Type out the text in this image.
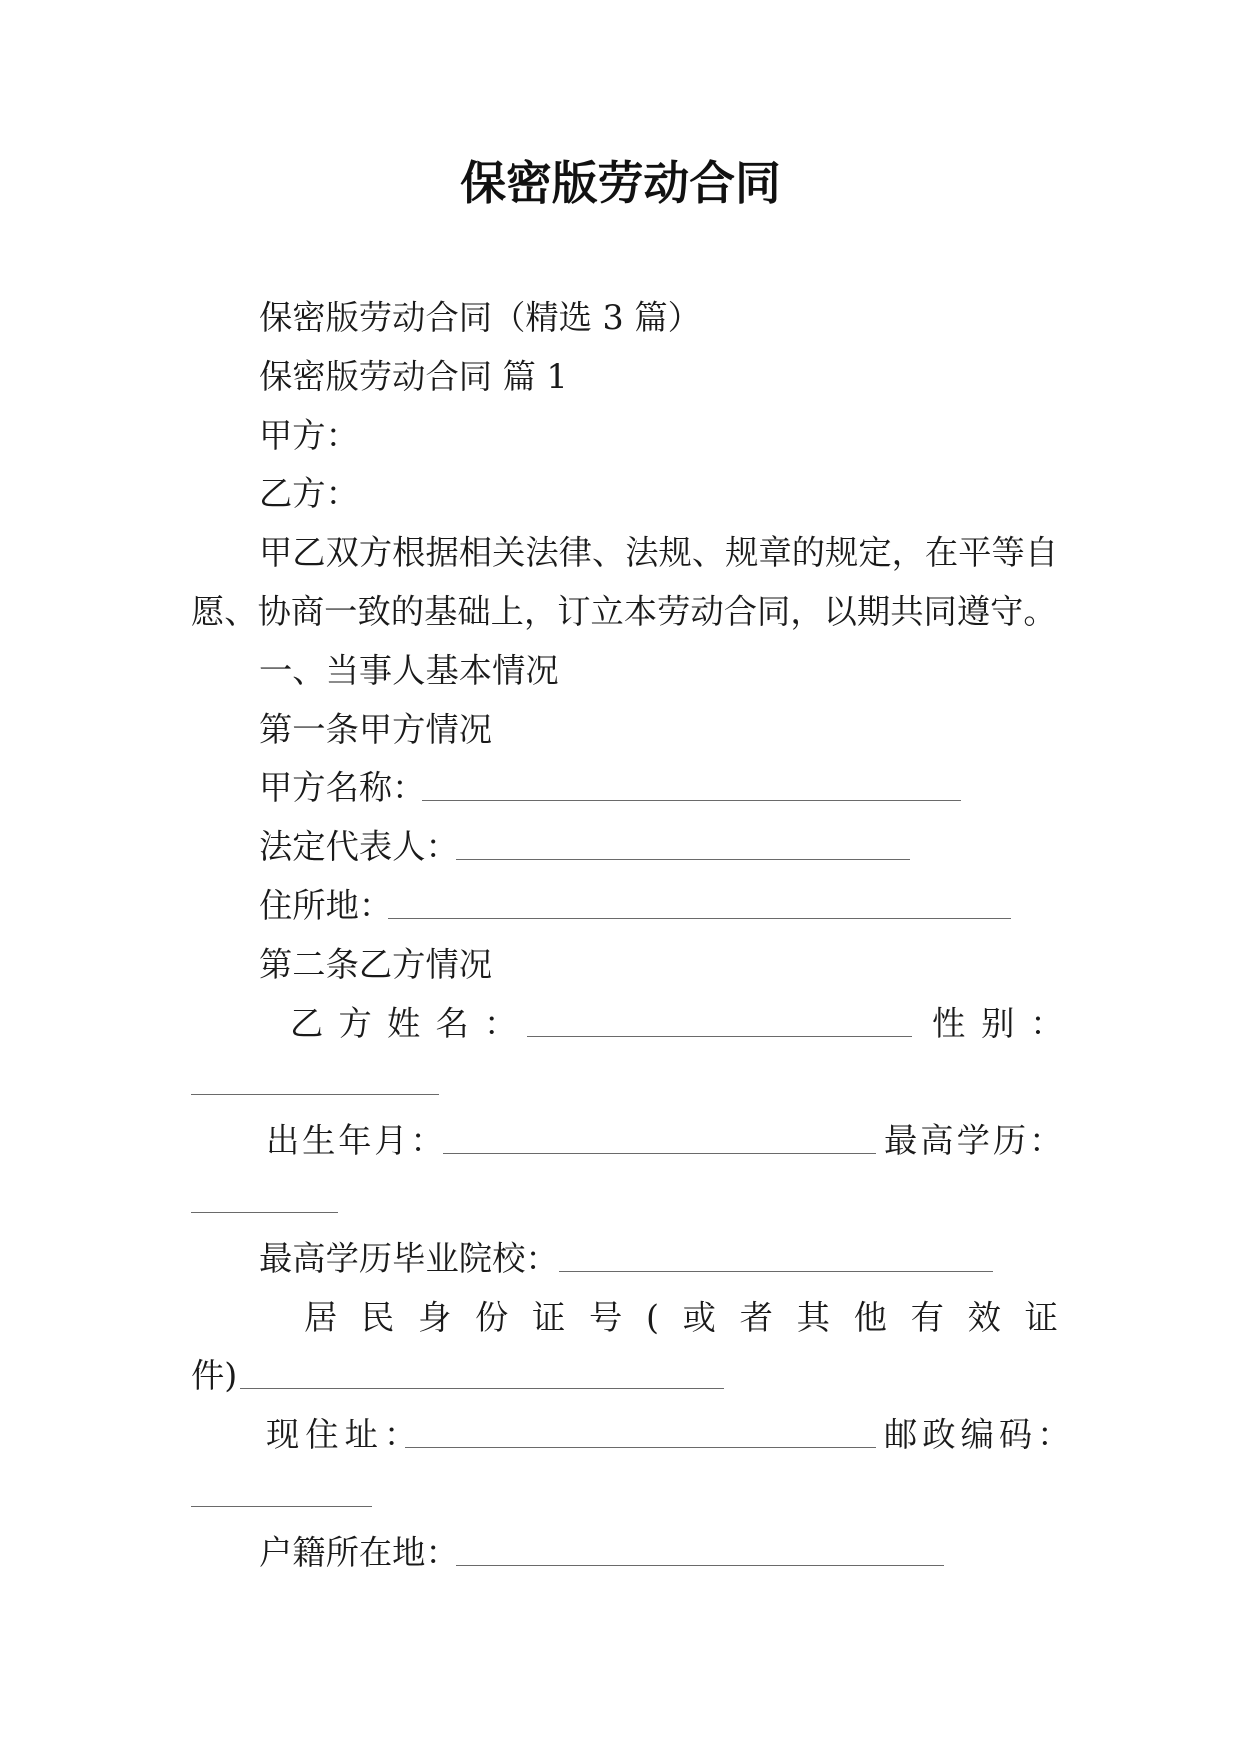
保密版劳动合同
保密版劳动合同（精选 3 篇）
保密版劳动合同 篇 1
甲方：
乙方：
甲乙双方根据相关法律、法规、规章的规定，在平等自
愿、协商一致的基础上，订立本劳动合同，以期共同遵守。
一、当事人基本情况
第一条甲方情况
甲方名称：
法定代表人：
住所地：
第二条乙方情况
乙方姓名：	性别：
出生年月：	最高学历：
最高学历毕业院校：
居民身份证号(或者其他有效证
件)
现住址：	邮政编码：
户籍所在地：
